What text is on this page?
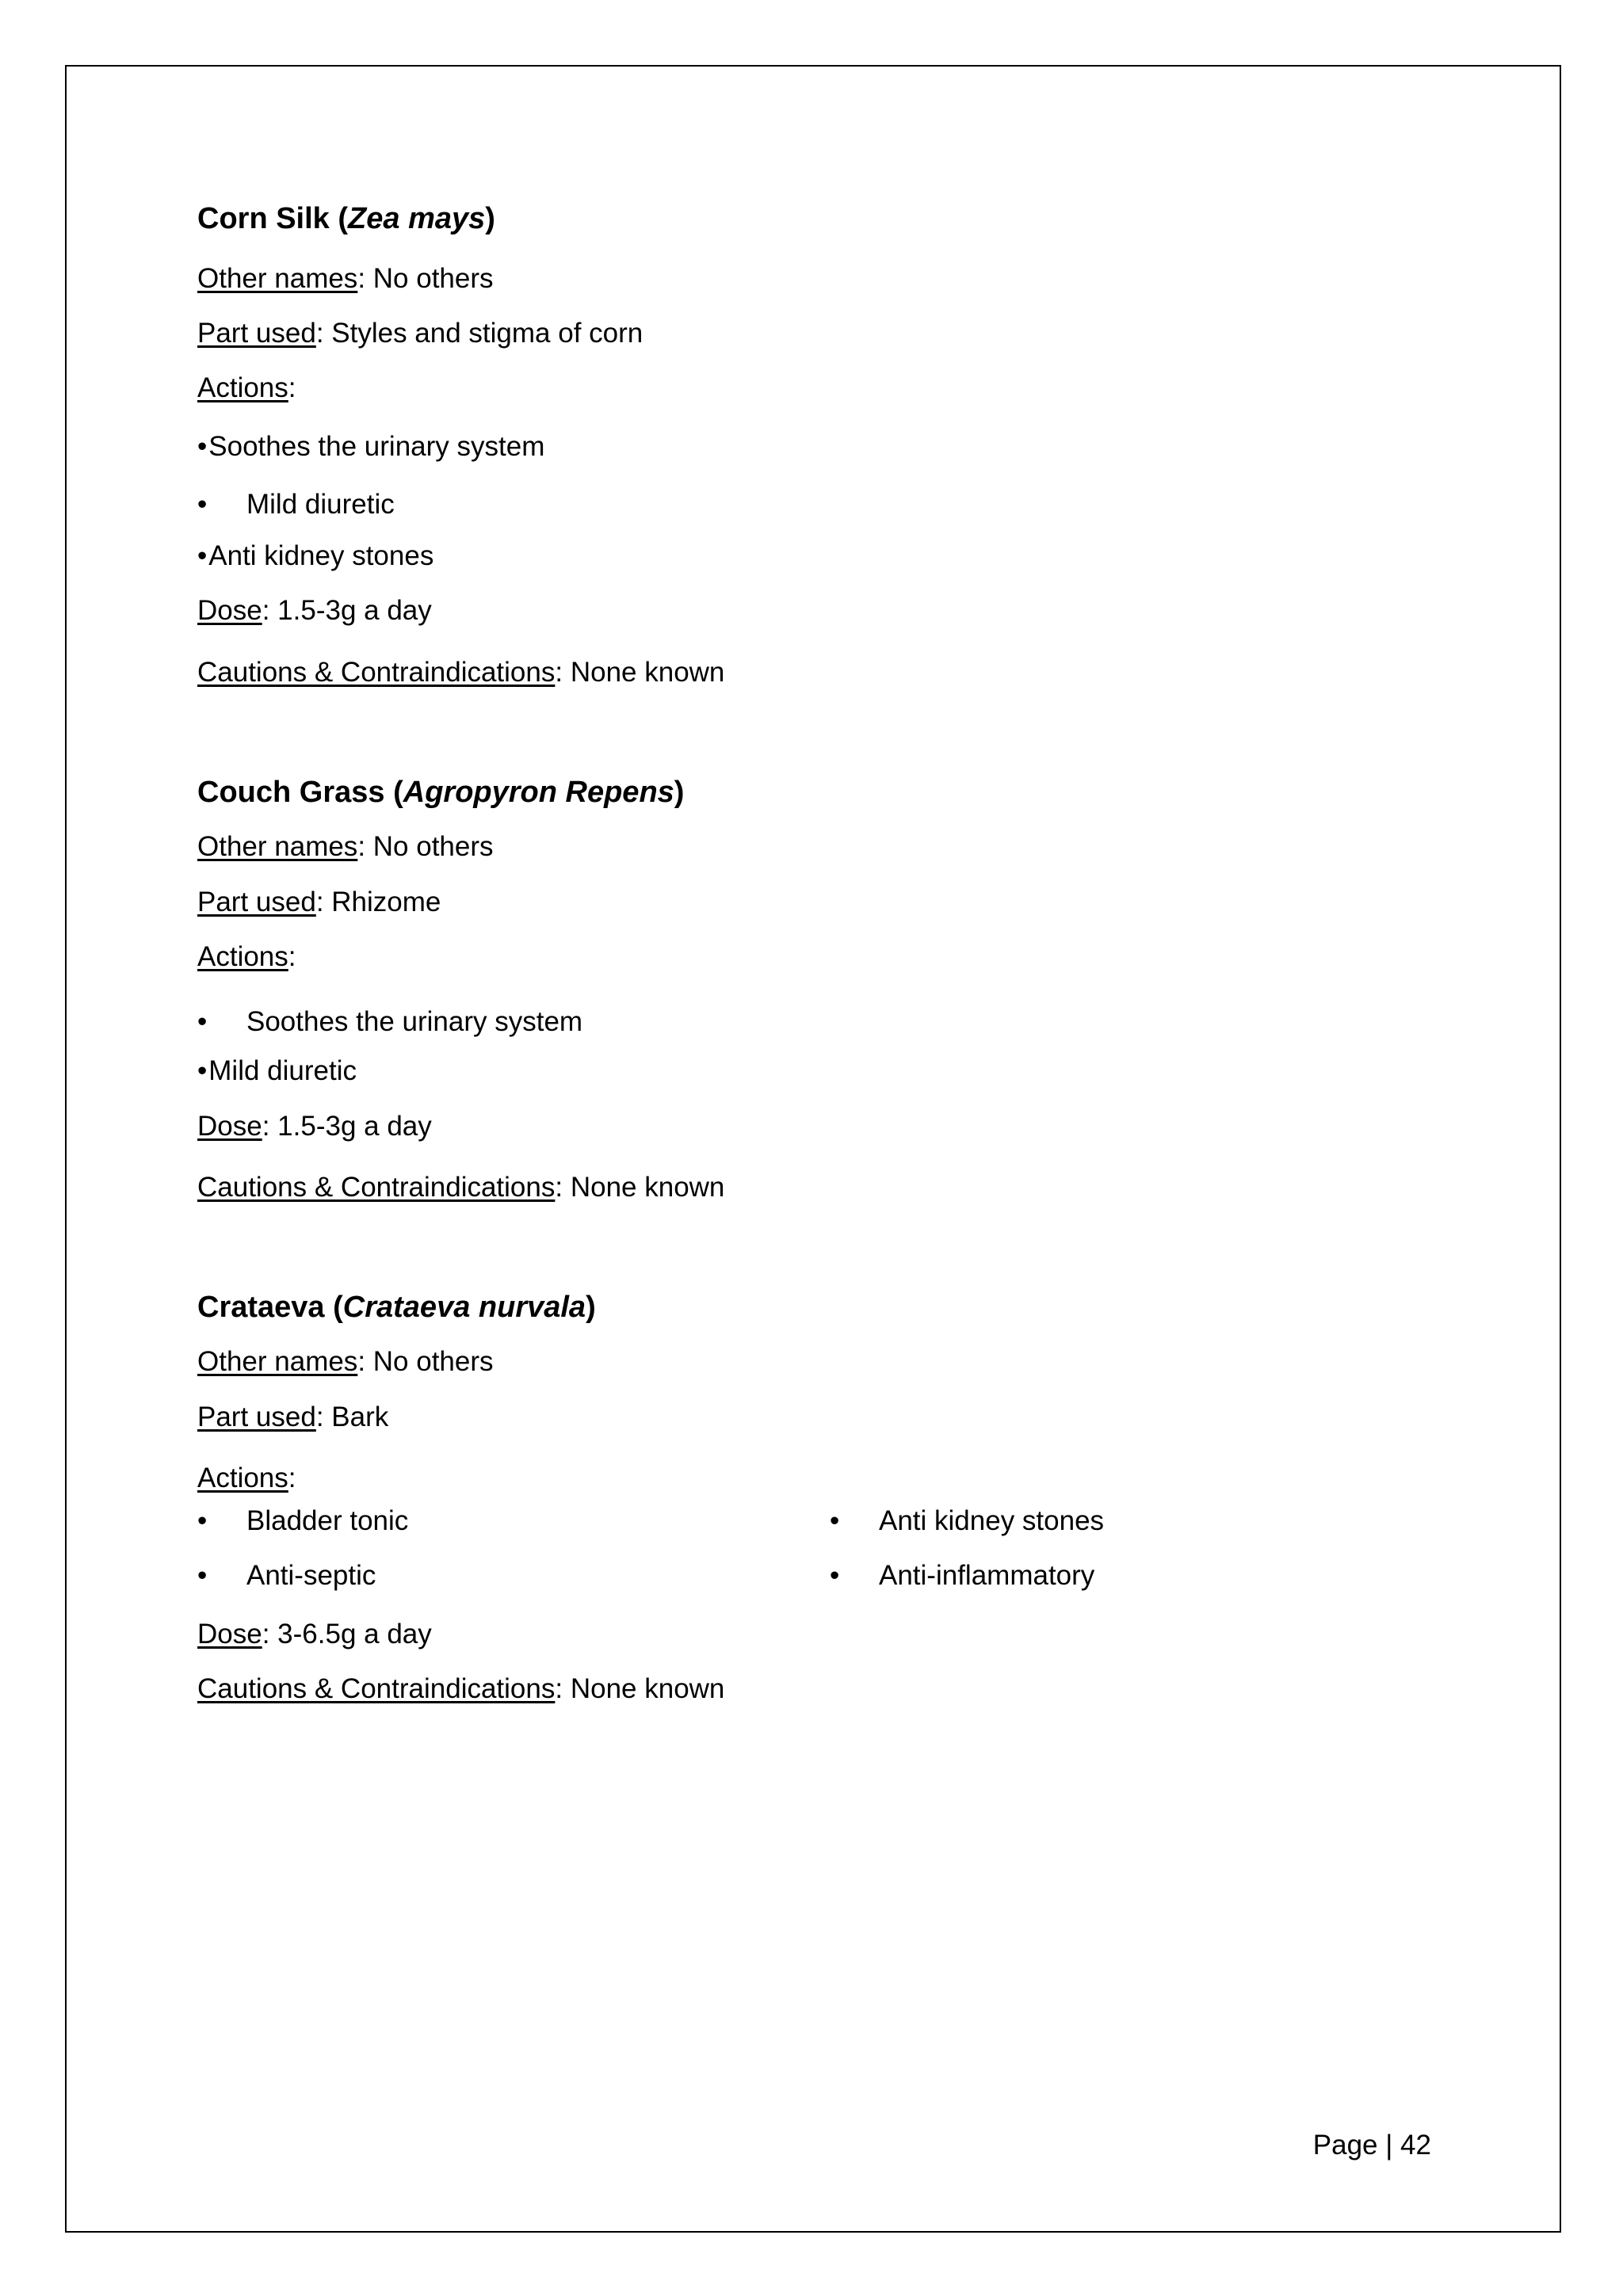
Corn Silk (Zea mays)
Other names: No others
Part used: Styles and stigma of corn
Actions:
• Soothes the urinary system
• Mild diuretic
• Anti kidney stones
Dose: 1.5-3g a day
Cautions & Contraindications: None known
Couch Grass (Agropyron Repens)
Other names: No others
Part used: Rhizome
Actions:
• Soothes the urinary system
• Mild diuretic
Dose: 1.5-3g a day
Cautions & Contraindications: None known
Crataeva (Crataeva nurvala)
Other names: No others
Part used: Bark
Actions:
• Bladder tonic
• Anti-septic
• Anti kidney stones
• Anti-inflammatory
Dose: 3-6.5g a day
Cautions & Contraindications: None known
Page | 42
